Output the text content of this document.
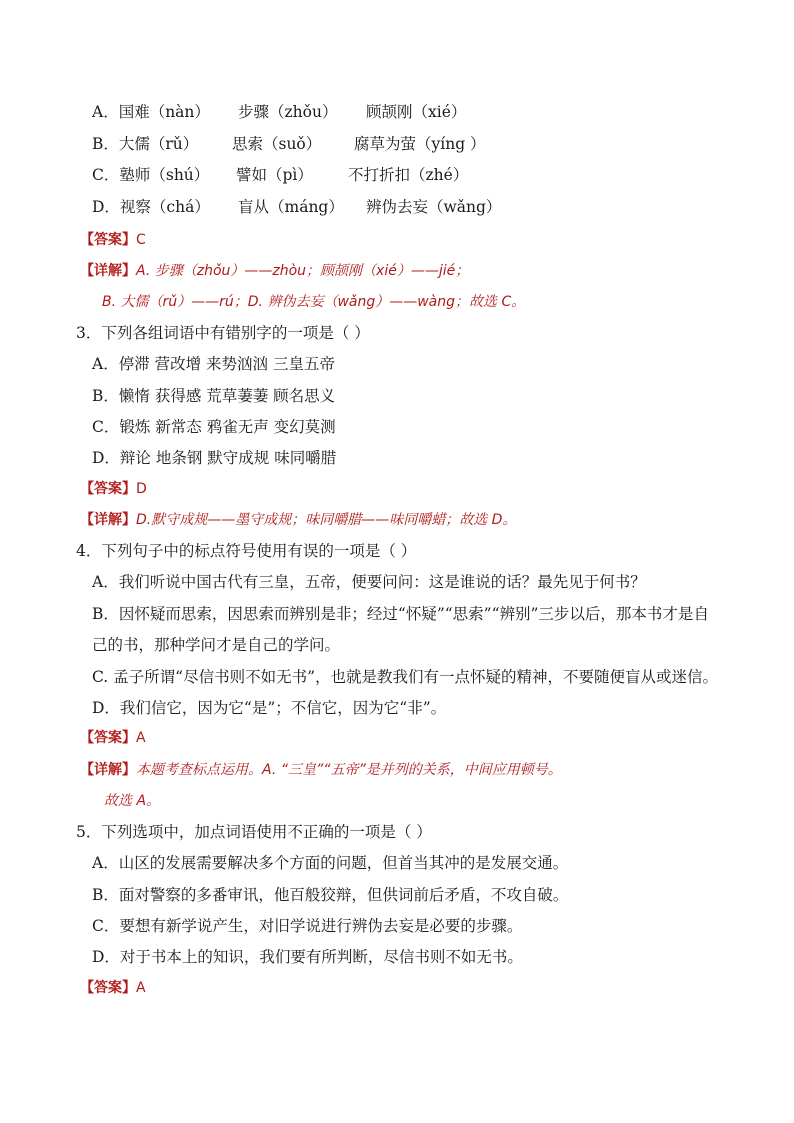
A．国难（nàn） 步骤（zhǒu） 顾颉刚（xié）
B．大儒（rǔ） 思索（suǒ） 腐草为萤（yíng ）
C．塾师（shú） 譬如（pì） 不打折扣（zhé）
D．视察（chá） 盲从（máng） 辨伪去妄（wǎng）
【答案】C
【详解】A. 步骤（zhǒu）——zhòu；顾颉刚（xié）——jié；
B. 大儒（rǔ）——rú；D. 辨伪去妄（wǎng）——wàng；故选 C。
3．下列各组词语中有错别字的一项是（ ）
A．停滞 营改增 来势汹汹 三皇五帝
B．懒惰 获得感 荒草萋萋 顾名思义
C．锻炼 新常态 鸦雀无声 变幻莫测
D．辩论 地条钢 默守成规 味同嚼腊
【答案】D
【详解】D.默守成规——墨守成规；味同嚼腊——味同嚼蜡；故选 D。
4．下列句子中的标点符号使用有误的一项是（ ）
A．我们听说中国古代有三皇，五帝，便要问问：这是谁说的话？最先见于何书？
B．因怀疑而思索，因思索而辨别是非；经过“怀疑”“思索”“辨别”三步以后，那本书才是自
己的书，那种学问才是自己的学问。
C. 孟子所谓“尽信书则不如无书”，也就是教我们有一点怀疑的精神，不要随便盲从或迷信。
D．我们信它，因为它“是”；不信它，因为它“非”。
【答案】A
【详解】本题考查标点运用。A. “三皇”“五帝”是并列的关系，中间应用顿号。
故选 A。
5．下列选项中，加点词语使用不正确的一项是（ ）
A．山区的发展需要解决多个方面的问题，但首当其冲的是发展交通。
B．面对警察的多番审讯，他百般狡辩，但供词前后矛盾，不攻自破。
C．要想有新学说产生，对旧学说进行辨伪去妄是必要的步骤。
D．对于书本上的知识，我们要有所判断，尽信书则不如无书。
【答案】A
